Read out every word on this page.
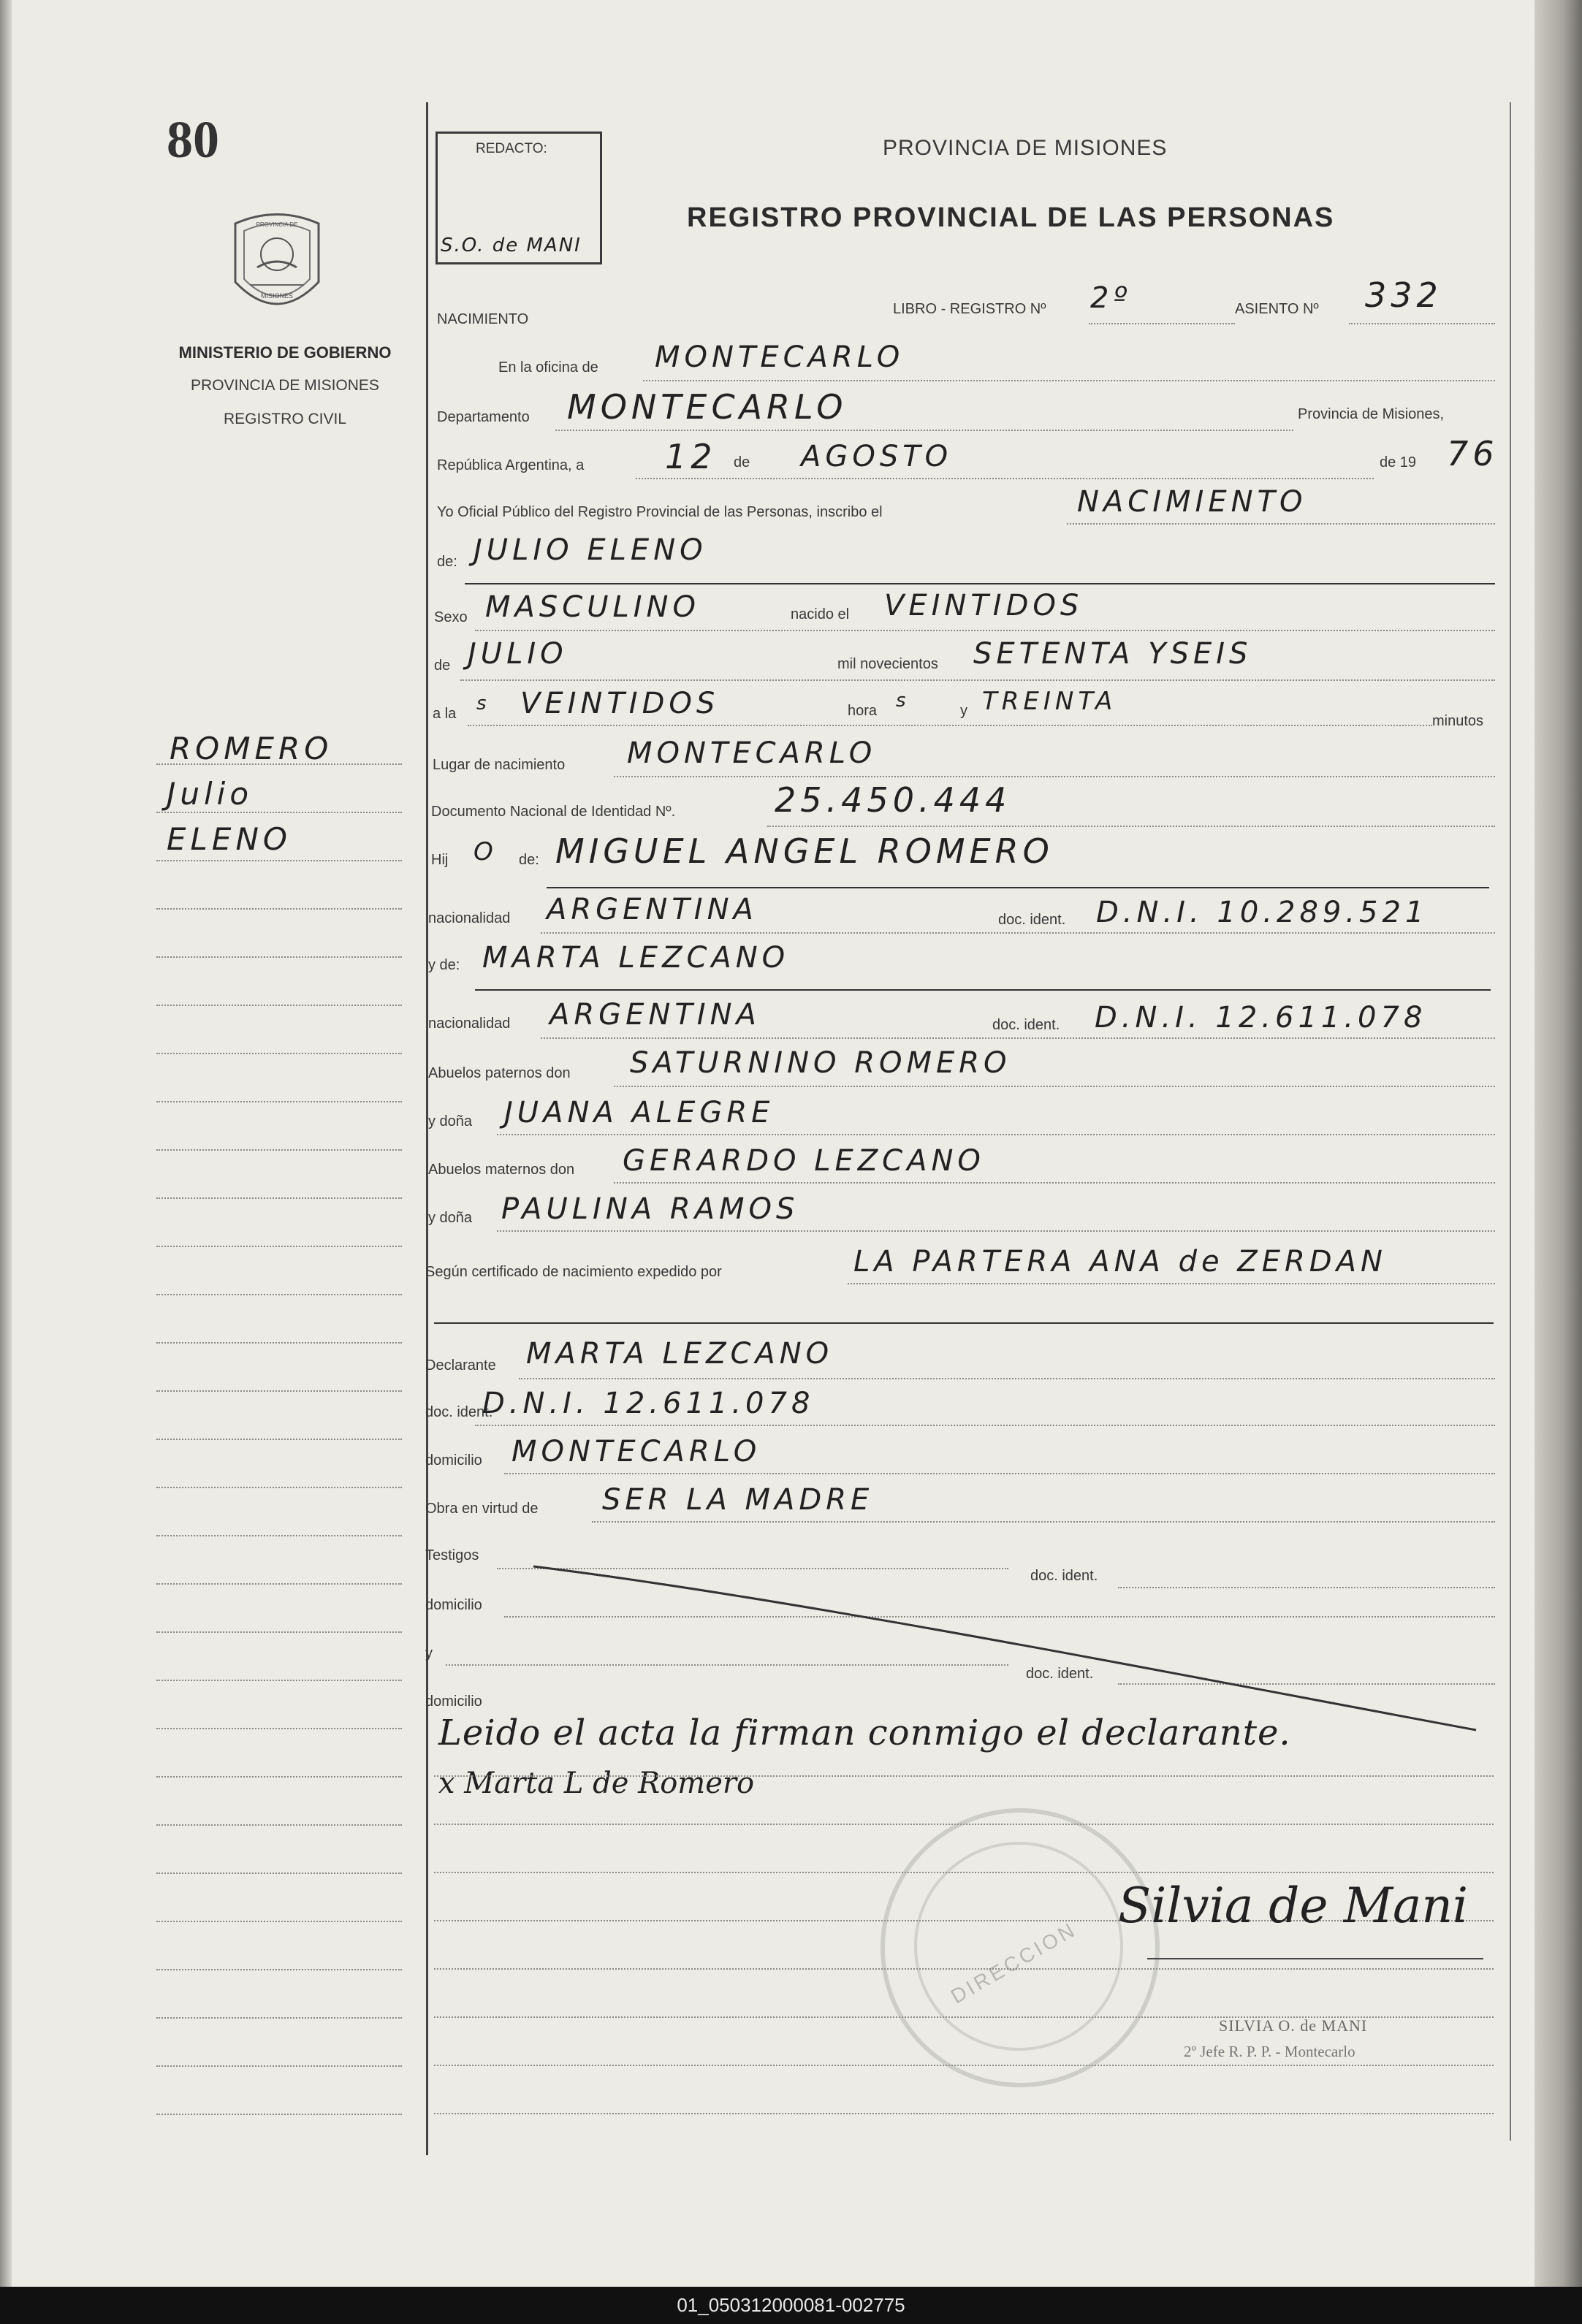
80
PROVINCIA DE
MISIONES
MINISTERIO DE GOBIERNO
PROVINCIA DE MISIONES
REGISTRO CIVIL
ROMERO
Julio
ELENO
REDACTO:
S.O. de MANI
PROVINCIA DE MISIONES
REGISTRO PROVINCIAL DE LAS PERSONAS
NACIMIENTO
LIBRO - REGISTRO Nº 2º	ASIENTO Nº 332
En la oficina de MONTECARLO
Departamento MONTECARLO	Provincia de Misiones,
República Argentina, a 12 de AGOSTO	de 19 76
Yo Oficial Público del Registro Provincial de las Personas, inscribo el	NACIMIENTO
de: JULIO ELENO
Sexo MASCULINO	nacido el VEINTIDOS
de JULIO	mil novecientos SETENTA YSEIS
a la s VEINTIDOS	hora s	y TREINTA
minutos
Lugar de nacimiento MONTECARLO
Documento Nacional de Identidad Nº.	25.450.444
Hij O de: MIGUEL ANGEL ROMERO
nacionalidad ARGENTINA	doc. ident. D.N.I. 10.289.521
y de: MARTA LEZCANO
nacionalidad ARGENTINA	doc. ident. D.N.I. 12.611.078
Abuelos paternos don SATURNINO ROMERO
y doña JUANA ALEGRE
Abuelos maternos don GERARDO LEZCANO
y doña PAULINA RAMOS
Según certificado de nacimiento expedido por	LA PARTERA ANA de ZERDAN
Declarante MARTA LEZCANO
doc. ident.
D.N.I. 12.611.078
domicilio MONTECARLO
Obra en virtud de SER LA MADRE
Testigos
doc. ident.
domicilio
y
doc. ident.
domicilio
Leido el acta la firman conmigo el declarante.
x Marta L de Romero
DIRECCION
Silvia de Mani
SILVIA O. de MANI
2º Jefe R. P. P. - Montecarlo
01_050312000081-002775
